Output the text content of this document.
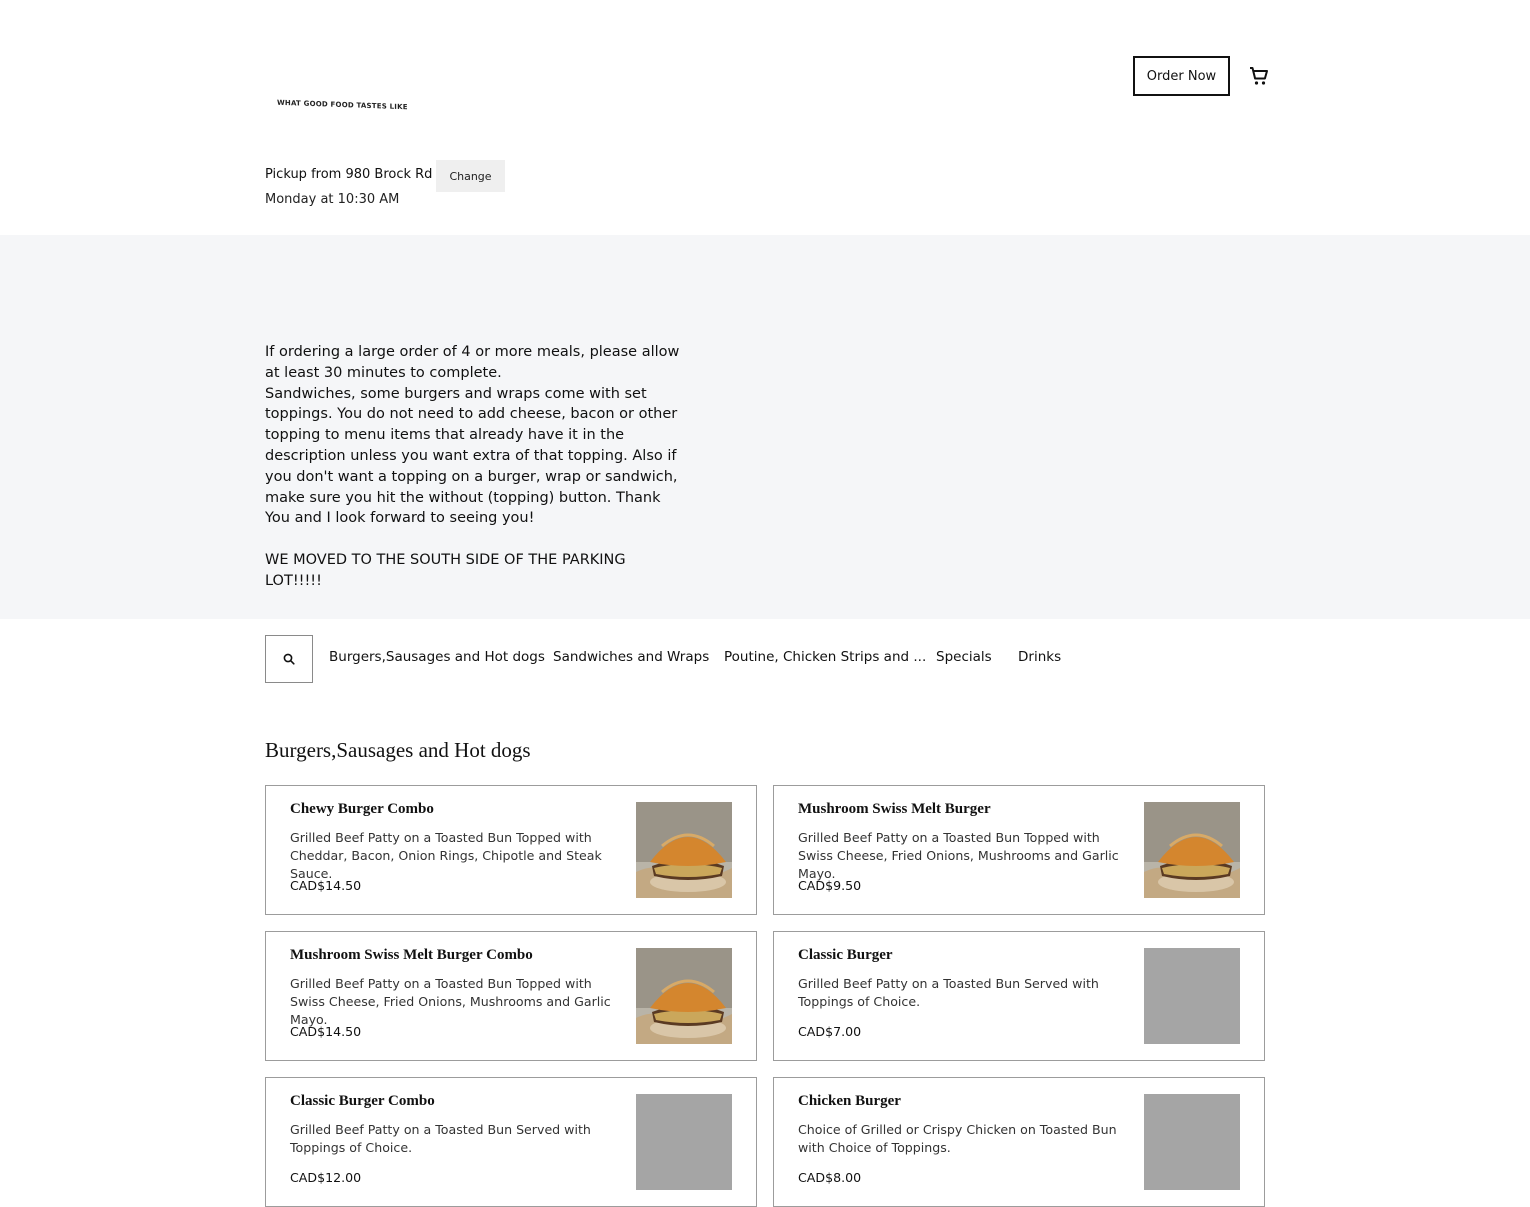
WHAT GOOD FOOD TASTES LIKE
Order Now
Pickup from 980 Brock Rd	Change
Monday at 10:30 AM

If ordering a large order of 4 or more meals, please allow at least 30 minutes to complete.

Sandwiches, some burgers and wraps come with set toppings. You do not need to add cheese, bacon or other topping to menu items that already have it in the description unless you want extra of that topping. Also if you don't want a topping on a burger, wrap or sandwich, make sure you hit the without (topping) button. Thank You and I look forward to seeing you!

WE MOVED TO THE SOUTH SIDE OF THE PARKING LOT!!!!!

Burgers,Sausages and Hot dogs Sandwiches and Wraps Poutine, Chicken Strips and ... Specials Drinks
Burgers,Sausages and Hot dogs
Chewy Burger Combo
Grilled Beef Patty on a Toasted Bun Topped with Cheddar, Bacon, Onion Rings, Chipotle and Steak Sauce.
CAD$14.50
Mushroom Swiss Melt Burger
Grilled Beef Patty on a Toasted Bun Topped with Swiss Cheese, Fried Onions, Mushrooms and Garlic Mayo.
CAD$9.50
Mushroom Swiss Melt Burger Combo
Grilled Beef Patty on a Toasted Bun Topped with Swiss Cheese, Fried Onions, Mushrooms and Garlic Mayo.
CAD$14.50
Classic Burger
Grilled Beef Patty on a Toasted Bun Served with Toppings of Choice.
CAD$7.00
Classic Burger Combo
Grilled Beef Patty on a Toasted Bun Served with Toppings of Choice.
CAD$12.00
Chicken Burger
Choice of Grilled or Crispy Chicken on Toasted Bun with Choice of Toppings.
CAD$8.00
